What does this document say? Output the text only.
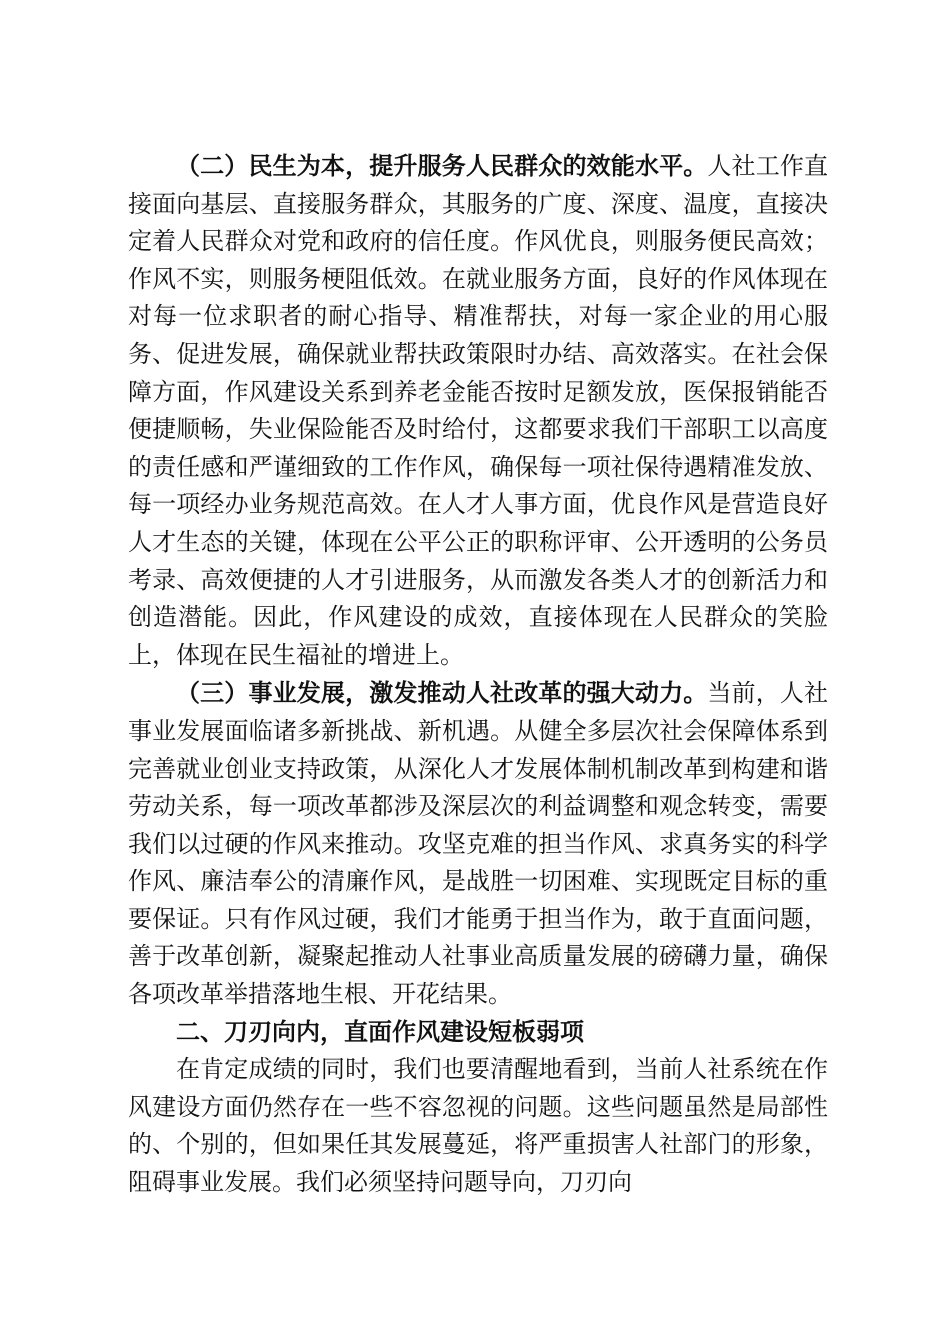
（二）民生为本，提升服务人民群众的效能水平。人社工作直接面向基层、直接服务群众，其服务的广度、深度、温度，直接决定着人民群众对党和政府的信任度。作风优良，则服务便民高效；作风不实，则服务梗阻低效。在就业服务方面，良好的作风体现在对每一位求职者的耐心指导、精准帮扶，对每一家企业的用心服务、促进发展，确保就业帮扶政策限时办结、高效落实。在社会保障方面，作风建设关系到养老金能否按时足额发放，医保报销能否便捷顺畅，失业保险能否及时给付，这都要求我们干部职工以高度的责任感和严谨细致的工作作风，确保每一项社保待遇精准发放、每一项经办业务规范高效。在人才人事方面，优良作风是营造良好人才生态的关键，体现在公平公正的职称评审、公开透明的公务员考录、高效便捷的人才引进服务，从而激发各类人才的创新活力和创造潜能。因此，作风建设的成效，直接体现在人民群众的笑脸上，体现在民生福祉的增进上。

（三）事业发展，激发推动人社改革的强大动力。当前，人社事业发展面临诸多新挑战、新机遇。从健全多层次社会保障体系到完善就业创业支持政策，从深化人才发展体制机制改革到构建和谐劳动关系，每一项改革都涉及深层次的利益调整和观念转变，需要我们以过硬的作风来推动。攻坚克难的担当作风、求真务实的科学作风、廉洁奉公的清廉作风，是战胜一切困难、实现既定目标的重要保证。只有作风过硬，我们才能勇于担当作为，敢于直面问题，善于改革创新，凝聚起推动人社事业高质量发展的磅礴力量，确保各项改革举措落地生根、开花结果。

二、刀刃向内，直面作风建设短板弱项

在肯定成绩的同时，我们也要清醒地看到，当前人社系统在作风建设方面仍然存在一些不容忽视的问题。这些问题虽然是局部性的、个别的，但如果任其发展蔓延，将严重损害人社部门的形象，阻碍事业发展。我们必须坚持问题导向，刀刃向
